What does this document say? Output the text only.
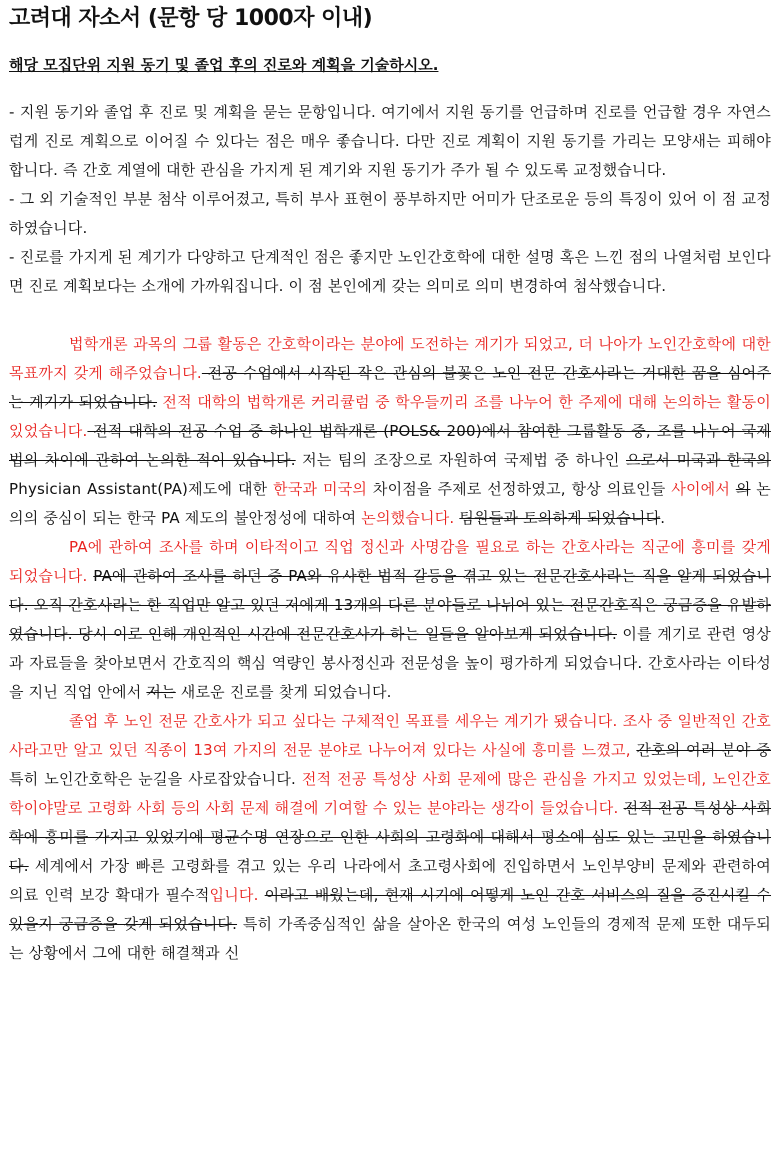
고려대 자소서 (문항 당 1000자 이내)
해당 모집단위 지원 동기 및 졸업 후의 진로와 계획을 기술하시오.

- 지원 동기와 졸업 후 진로 및 계획을 묻는 문항입니다. 여기에서 지원 동기를 언급하며 진로를 언급할 경우 자연스럽게 진로 계획으로 이어질 수 있다는 점은 매우 좋습니다. 다만 진로 계획이 지원 동기를 가리는 모양새는 피해야 합니다. 즉 간호 계열에 대한 관심을 가지게 된 계기와 지원 동기가 주가 될 수 있도록 교정했습니다.

- 그 외 기술적인 부분 첨삭 이루어졌고, 특히 부사 표현이 풍부하지만 어미가 단조로운 등의 특징이 있어 이 점 교정하였습니다.

- 진로를 가지게 된 계기가 다양하고 단계적인 점은 좋지만 노인간호학에 대한 설명 혹은 느낀 점의 나열처럼 보인다면 진로 계획보다는 소개에 가까워집니다. 이 점 본인에게 갖는 의미로 의미 변경하여 첨삭했습니다.

법학개론 과목의 그룹 활동은 간호학이라는 분야에 도전하는 계기가 되었고, 더 나아가 노인간호학에 대한 목표까지 갖게 해주었습니다. 전공 수업에서 시작된 작은 관심의 불꽃은 노인 전문 간호사라는 거대한 꿈을 심어주는 계기가 되었습니다. 전적 대학의 법학개론 커리큘럼 중 학우들끼리 조를 나누어 한 주제에 대해 논의하는 활동이 있었습니다. 전적 대학의 전공 수업 중 하나인 법학개론 (POLS& 200)에서 참여한 그룹활동 중, 조를 나누어 국제법의 차이에 관하여 논의한 적이 있습니다. 저는 팀의 조장으로 자원하여 국제법 중 하나인 으로서 미국과 한국의 Physician Assistant(PA)제도에 대한 한국과 미국의 차이점을 주제로 선정하였고, 항상 의료인들 사이에서 의 논의의 중심이 되는 한국 PA 제도의 불안정성에 대하여 논의했습니다. 팀원들과 토의하게 되었습니다.

PA에 관하여 조사를 하며 이타적이고 직업 정신과 사명감을 필요로 하는 간호사라는 직군에 흥미를 갖게 되었습니다. PA에 관하여 조사를 하던 중 PA와 유사한 법적 갈등을 겪고 있는 전문간호사라는 직을 알게 되었습니다. 오직 간호사라는 한 직업만 알고 있던 저에게 13개의 다른 분야들로 나뉘어 있는 전문간호직은 궁금증을 유발하였습니다. 당시 이로 인해 개인적인 시간에 전문간호사가 하는 일들을 알아보게 되었습니다. 이를 계기로 관련 영상과 자료들을 찾아보면서 간호직의 핵심 역량인 봉사정신과 전문성을 높이 평가하게 되었습니다. 간호사라는 이타성을 지닌 직업 안에서 저는 새로운 진로를 찾게 되었습니다.

졸업 후 노인 전문 간호사가 되고 싶다는 구체적인 목표를 세우는 계기가 됐습니다. 조사 중 일반적인 간호사라고만 알고 있던 직종이 13여 가지의 전문 분야로 나누어져 있다는 사실에 흥미를 느꼈고, 간호의 여러 분야 중 특히 노인간호학은 눈길을 사로잡았습니다. 전적 전공 특성상 사회 문제에 많은 관심을 가지고 있었는데, 노인간호학이야말로 고령화 사회 등의 사회 문제 해결에 기여할 수 있는 분야라는 생각이 들었습니다. 전적 전공 특성상 사회학에 흥미를 가지고 있었기에 평균수명 연장으로 인한 사회의 고령화에 대해서 평소에 심도 있는 고민을 하였습니다. 세계에서 가장 빠른 고령화를 겪고 있는 우리 나라에서 초고령사회에 진입하면서 노인부양비 문제와 관련하여 의료 인력 보강 확대가 필수적입니다. 이라고 배웠는데, 현재 시기에 어떻게 노인 간호 서비스의 질을 증진시킬 수 있을지 궁금증을 갖게 되었습니다. 특히 가족중심적인 삶을 살아온 한국의 여성 노인들의 경제적 문제 또한 대두되는 상황에서 그에 대한 해결책과 신
